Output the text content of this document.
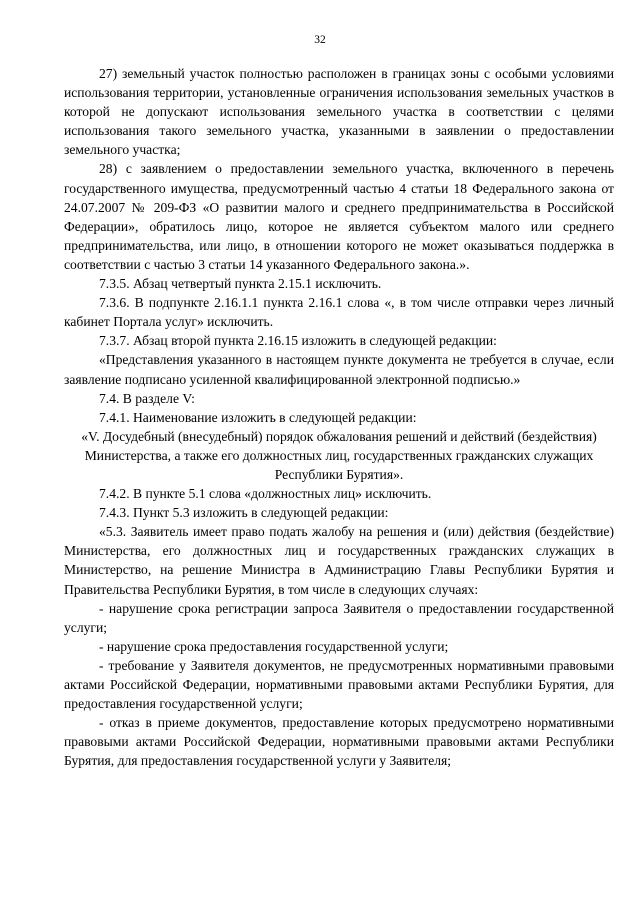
32

27) земельный участок полностью расположен в границах зоны с особыми условиями использования территории, установленные ограничения использования земельных участков в которой не допускают использования земельного участка в соответствии с целями использования такого земельного участка, указанными в заявлении о предоставлении земельного участка;

28) с заявлением о предоставлении земельного участка, включенного в перечень государственного имущества, предусмотренный частью 4 статьи 18 Федерального закона от 24.07.2007 № 209-ФЗ «О развитии малого и среднего предпринимательства в Российской Федерации», обратилось лицо, которое не является субъектом малого или среднего предпринимательства, или лицо, в отношении которого не может оказываться поддержка в соответствии с частью 3 статьи 14 указанного Федерального закона.».

7.3.5. Абзац четвертый пункта 2.15.1 исключить.

7.3.6. В подпункте 2.16.1.1 пункта 2.16.1 слова «, в том числе отправки через личный кабинет Портала услуг» исключить.

7.3.7. Абзац второй пункта 2.16.15 изложить в следующей редакции:

«Представления указанного в настоящем пункте документа не требуется в случае, если заявление подписано усиленной квалифицированной электронной подписью.»

7.4. В разделе V:

7.4.1. Наименование изложить в следующей редакции:

«V. Досудебный (внесудебный) порядок обжалования решений и действий (бездействия) Министерства, а также его должностных лиц, государственных гражданских служащих Республики Бурятия».

7.4.2. В пункте 5.1 слова «должностных лиц» исключить.

7.4.3. Пункт 5.3 изложить в следующей редакции:

«5.3. Заявитель имеет право подать жалобу на решения и (или) действия (бездействие) Министерства, его должностных лиц и государственных гражданских служащих в Министерство, на решение Министра в Администрацию Главы Республики Бурятия и Правительства Республики Бурятия, в том числе в следующих случаях:

- нарушение срока регистрации запроса Заявителя о предоставлении государственной услуги;

- нарушение срока предоставления государственной услуги;

- требование у Заявителя документов, не предусмотренных нормативными правовыми актами Российской Федерации, нормативными правовыми актами Республики Бурятия, для предоставления государственной услуги;

- отказ в приеме документов, предоставление которых предусмотрено нормативными правовыми актами Российской Федерации, нормативными правовыми актами Республики Бурятия, для предоставления государственной услуги у Заявителя;
